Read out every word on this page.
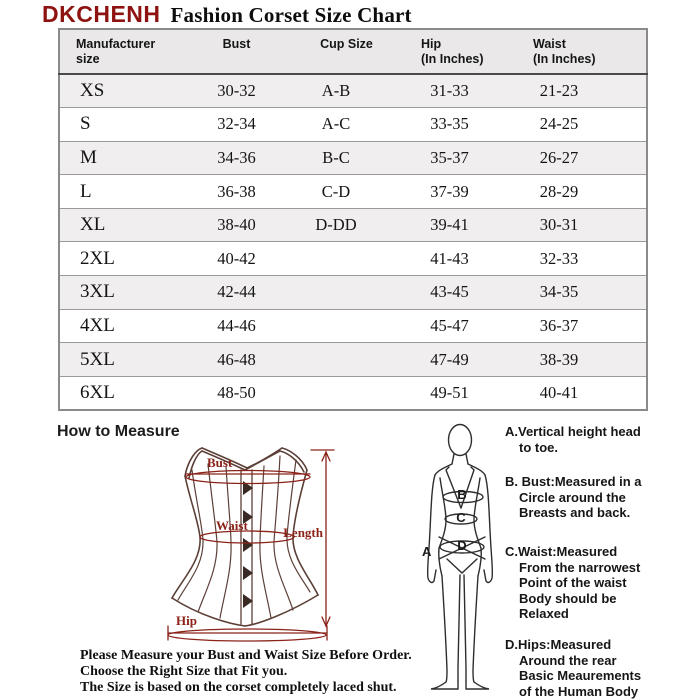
DKCHENH Fashion Corset Size Chart
Manufacturer size

Bust	Cup Size	Hip
(In Inches)

Waist
(In Inches)

XS	30-32	A-B	31-33	21-23
S	32-34	A-C	33-35	24-25
M	34-36	B-C	35-37	26-27
L	36-38	C-D	37-39	28-29
XL	38-40	D-DD	39-41	30-31
2XL	40-42		41-43	32-33
3XL	42-44		43-45	34-35
4XL	44-46		45-47	36-37
5XL	46-48		47-49	38-39
6XL	48-50		49-51	40-41
How to Measure
Bust
Waist	Length
Hip
A
B
C
D
A.Vertical height head
to toe.
B. Bust:Measured in a
Circle around the
Breasts and back.
C.Waist:Measured
From the narrowest
Point of the waist
Body should be
Relaxed
D.Hips:Measured
Around the rear
Basic Meaurements
of the Human Body
Please Measure your Bust and Waist Size Before Order.
Choose the Right Size that Fit you.
The Size is based on the corset completely laced shut.
